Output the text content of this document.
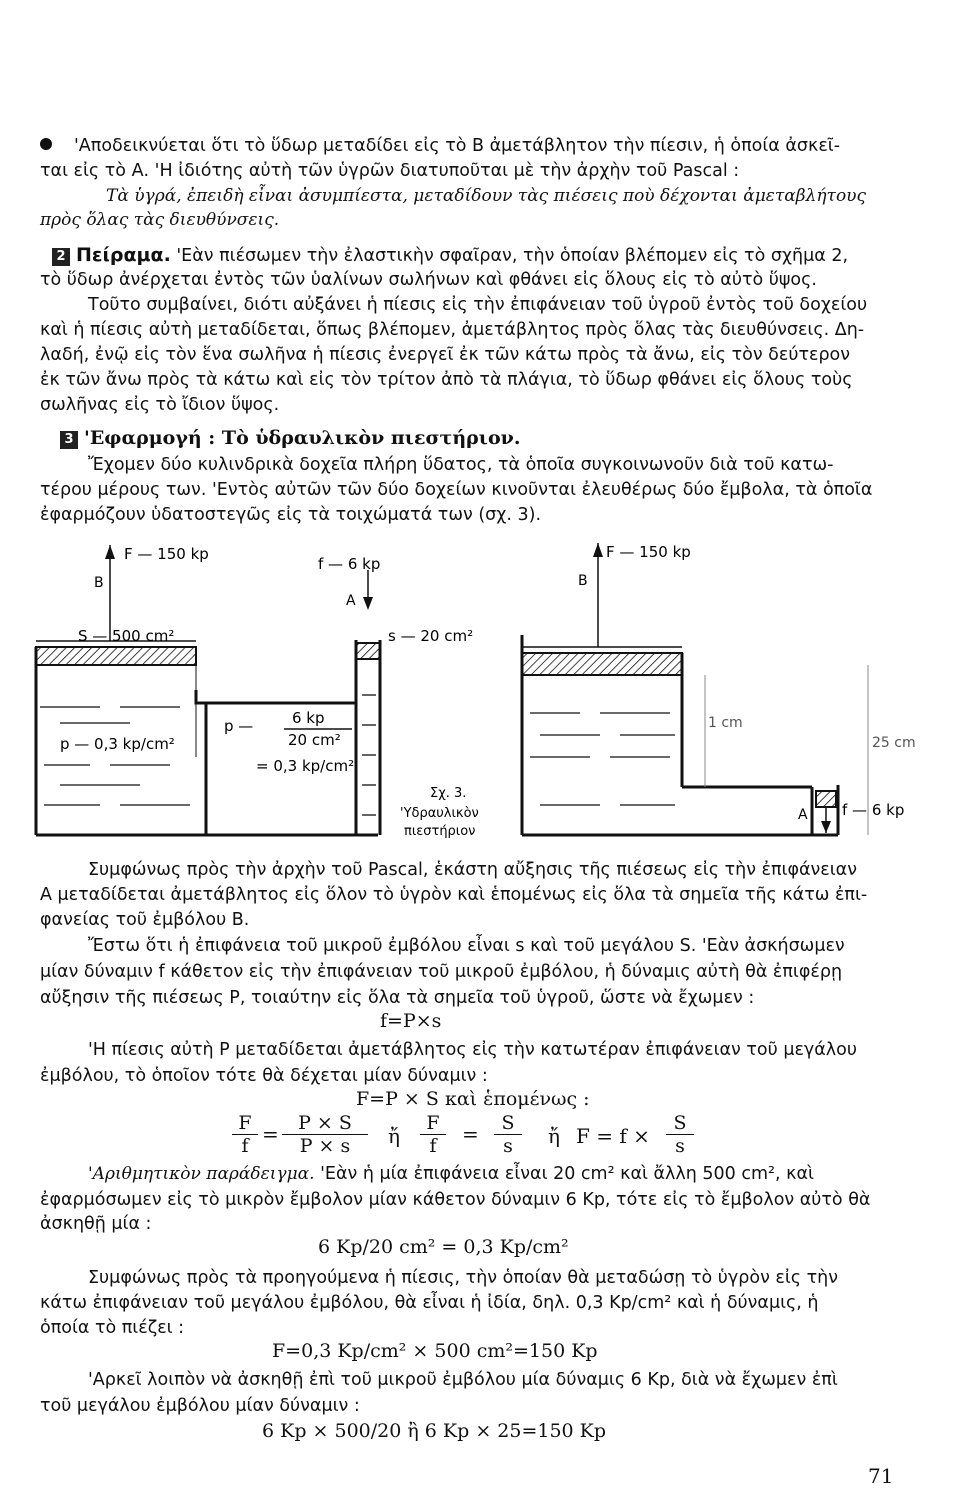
'Αποδεικνύεται ὅτι τὸ ὕδωρ μεταδίδει εἰς τὸ Β ἀμετάβλητον τὴν πίεσιν, ἡ ὁποία ἀσκεῖ-
ται εἰς τὸ Α. 'Η ἰδιότης αὐτὴ τῶν ὑγρῶν διατυποῦται μὲ τὴν ἀρχὴν τοῦ Pascal :
Τὰ ὑγρά, ἐπειδὴ εἶναι ἀσυμπίεστα, μεταδίδουν τὰς πιέσεις ποὺ δέχονται ἀμεταβλήτους
πρὸς ὅλας τὰς διευθύνσεις.
2 Πείραμα. 'Εὰν πιέσωμεν τὴν ἐλαστικὴν σφαῖραν, τὴν ὁποίαν βλέπομεν εἰς τὸ σχῆμα 2,
τὸ ὕδωρ ἀνέρχεται ἐντὸς τῶν ὑαλίνων σωλήνων καὶ φθάνει εἰς ὅλους εἰς τὸ αὐτὸ ὕψος.
Τοῦτο συμβαίνει, διότι αὐξάνει ἡ πίεσις εἰς τὴν ἐπιφάνειαν τοῦ ὑγροῦ ἐντὸς τοῦ δοχείου
καὶ ἡ πίεσις αὐτὴ μεταδίδεται, ὅπως βλέπομεν, ἀμετάβλητος πρὸς ὅλας τὰς διευθύνσεις. Δη-
λαδή, ἐνῷ εἰς τὸν ἕνα σωλῆνα ἡ πίεσις ἐνεργεῖ ἐκ τῶν κάτω πρὸς τὰ ἄνω, εἰς τὸν δεύτερον
ἐκ τῶν ἄνω πρὸς τὰ κάτω καὶ εἰς τὸν τρίτον ἀπὸ τὰ πλάγια, τὸ ὕδωρ φθάνει εἰς ὅλους τοὺς
σωλῆνας εἰς τὸ ἴδιον ὕψος.
3 'Εφαρμογή : Τὸ ὑδραυλικὸν πιεστήριον.
Ἔχομεν δύο κυλινδρικὰ δοχεῖα πλήρη ὕδατος, τὰ ὁποῖα συγκοινωνοῦν διὰ τοῦ κατω-
τέρου μέρους των. 'Εντὸς αὐτῶν τῶν δύο δοχείων κινοῦνται ἐλευθέρως δύο ἔμβολα, τὰ ὁποῖα
ἐφαρμόζουν ὑδατοστεγῶς εἰς τὰ τοιχώματά των (σχ. 3).
F — 150 kp
B
f — 6 kp
A
F — 150 kp
B
S — 500 cm²	s — 20 cm²
p — 0,3 kp/cm²
p —	6 kp
20 cm²
= 0,3 kp/cm²
1 cm
25 cm
A f — 6 kp
Σχ. 3.
'Υδραυλικὸν
πιεστήριον
Συμφώνως πρὸς τὴν ἀρχὴν τοῦ Pascal, ἑκάστη αὔξησις τῆς πιέσεως εἰς τὴν ἐπιφάνειαν
Α μεταδίδεται ἀμετάβλητος εἰς ὅλον τὸ ὑγρὸν καὶ ἑπομένως εἰς ὅλα τὰ σημεῖα τῆς κάτω ἐπι-
φανείας τοῦ ἐμβόλου Β.
Ἔστω ὅτι ἡ ἐπιφάνεια τοῦ μικροῦ ἐμβόλου εἶναι s καὶ τοῦ μεγάλου S. 'Εὰν ἀσκήσωμεν
μίαν δύναμιν f κάθετον εἰς τὴν ἐπιφάνειαν τοῦ μικροῦ ἐμβόλου, ἡ δύναμις αὐτὴ θὰ ἐπιφέρῃ
αὔξησιν τῆς πιέσεως P, τοιαύτην εἰς ὅλα τὰ σημεῖα τοῦ ὑγροῦ, ὥστε νὰ ἔχωμεν :
f=P×s
'Η πίεσις αὐτὴ P μεταδίδεται ἀμετάβλητος εἰς τὴν κατωτέραν ἐπιφάνειαν τοῦ μεγάλου
ἐμβόλου, τὸ ὁποῖον τότε θὰ δέχεται μίαν δύναμιν :
F=P × S καὶ ἑπομένως :
$\frac{F}{f} = \frac{P \times S}{P \times s}$ ἤ $\frac{F}{f} = \frac{S}{s}$ ἤ $F = f \times \frac{S}{s}$
'Αριθμητικὸν παράδειγμα. 'Εὰν ἡ μία ἐπιφάνεια εἶναι 20 cm² καὶ ἄλλη 500 cm², καὶ
ἐφαρμόσωμεν εἰς τὸ μικρὸν ἔμβολον μίαν κάθετον δύναμιν 6 Kp, τότε εἰς τὸ ἔμβολον αὐτὸ θὰ
ἀσκηθῇ μία :
6 Kp/20 cm² = 0,3 Kp/cm²
Συμφώνως πρὸς τὰ προηγούμενα ἡ πίεσις, τὴν ὁποίαν θὰ μεταδώσῃ τὸ ὑγρὸν εἰς τὴν
κάτω ἐπιφάνειαν τοῦ μεγάλου ἐμβόλου, θὰ εἶναι ἡ ἰδία, δηλ. 0,3 Kp/cm² καὶ ἡ δύναμις, ἡ
ὁποία τὸ πιέζει :
F=0,3 Kp/cm² × 500 cm²=150 Kp
'Αρκεῖ λοιπὸν νὰ ἀσκηθῇ ἐπὶ τοῦ μικροῦ ἐμβόλου μία δύναμις 6 Kp, διὰ νὰ ἔχωμεν ἐπὶ
τοῦ μεγάλου ἐμβόλου μίαν δύναμιν :
6 Kp × 500/20 ἢ 6 Kp × 25=150 Kp
71
